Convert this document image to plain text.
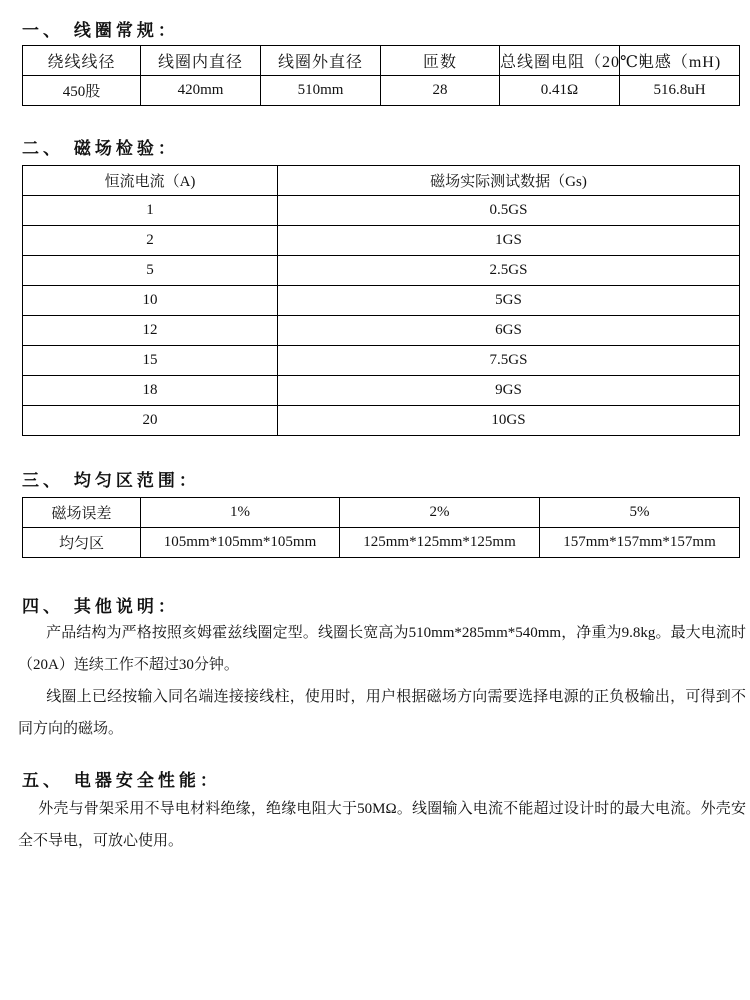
一、 线圈常规：
绕线线径	线圈内直径	线圈外直径	匝数	总线圈电阻（20℃）	电感（mH)
450股	420mm	510mm	28	0.41Ω	516.8uH
二、 磁场检验：
恒流电流（A)	磁场实际测试数据（Gs)
1	0.5GS
2	1GS
5	2.5GS
10	5GS
12	6GS
15	7.5GS
18	9GS
20	10GS
三、 均匀区范围：
磁场误差	1%	2%	5%
均匀区	105mm*105mm*105mm	125mm*125mm*125mm	157mm*157mm*157mm
四、 其他说明：

产品结构为严格按照亥姆霍兹线圈定型。线圈长宽高为510mm*285mm*540mm，净重为9.8kg。最大电流时（20A）连续工作不超过30分钟。

线圈上已经按输入同名端连接接线柱，使用时，用户根据磁场方向需要选择电源的正负极输出，可得到不同方向的磁场。

五、 电器安全性能：

外壳与骨架采用不导电材料绝缘，绝缘电阻大于50MΩ。线圈输入电流不能超过设计时的最大电流。外壳安全不导电，可放心使用。
